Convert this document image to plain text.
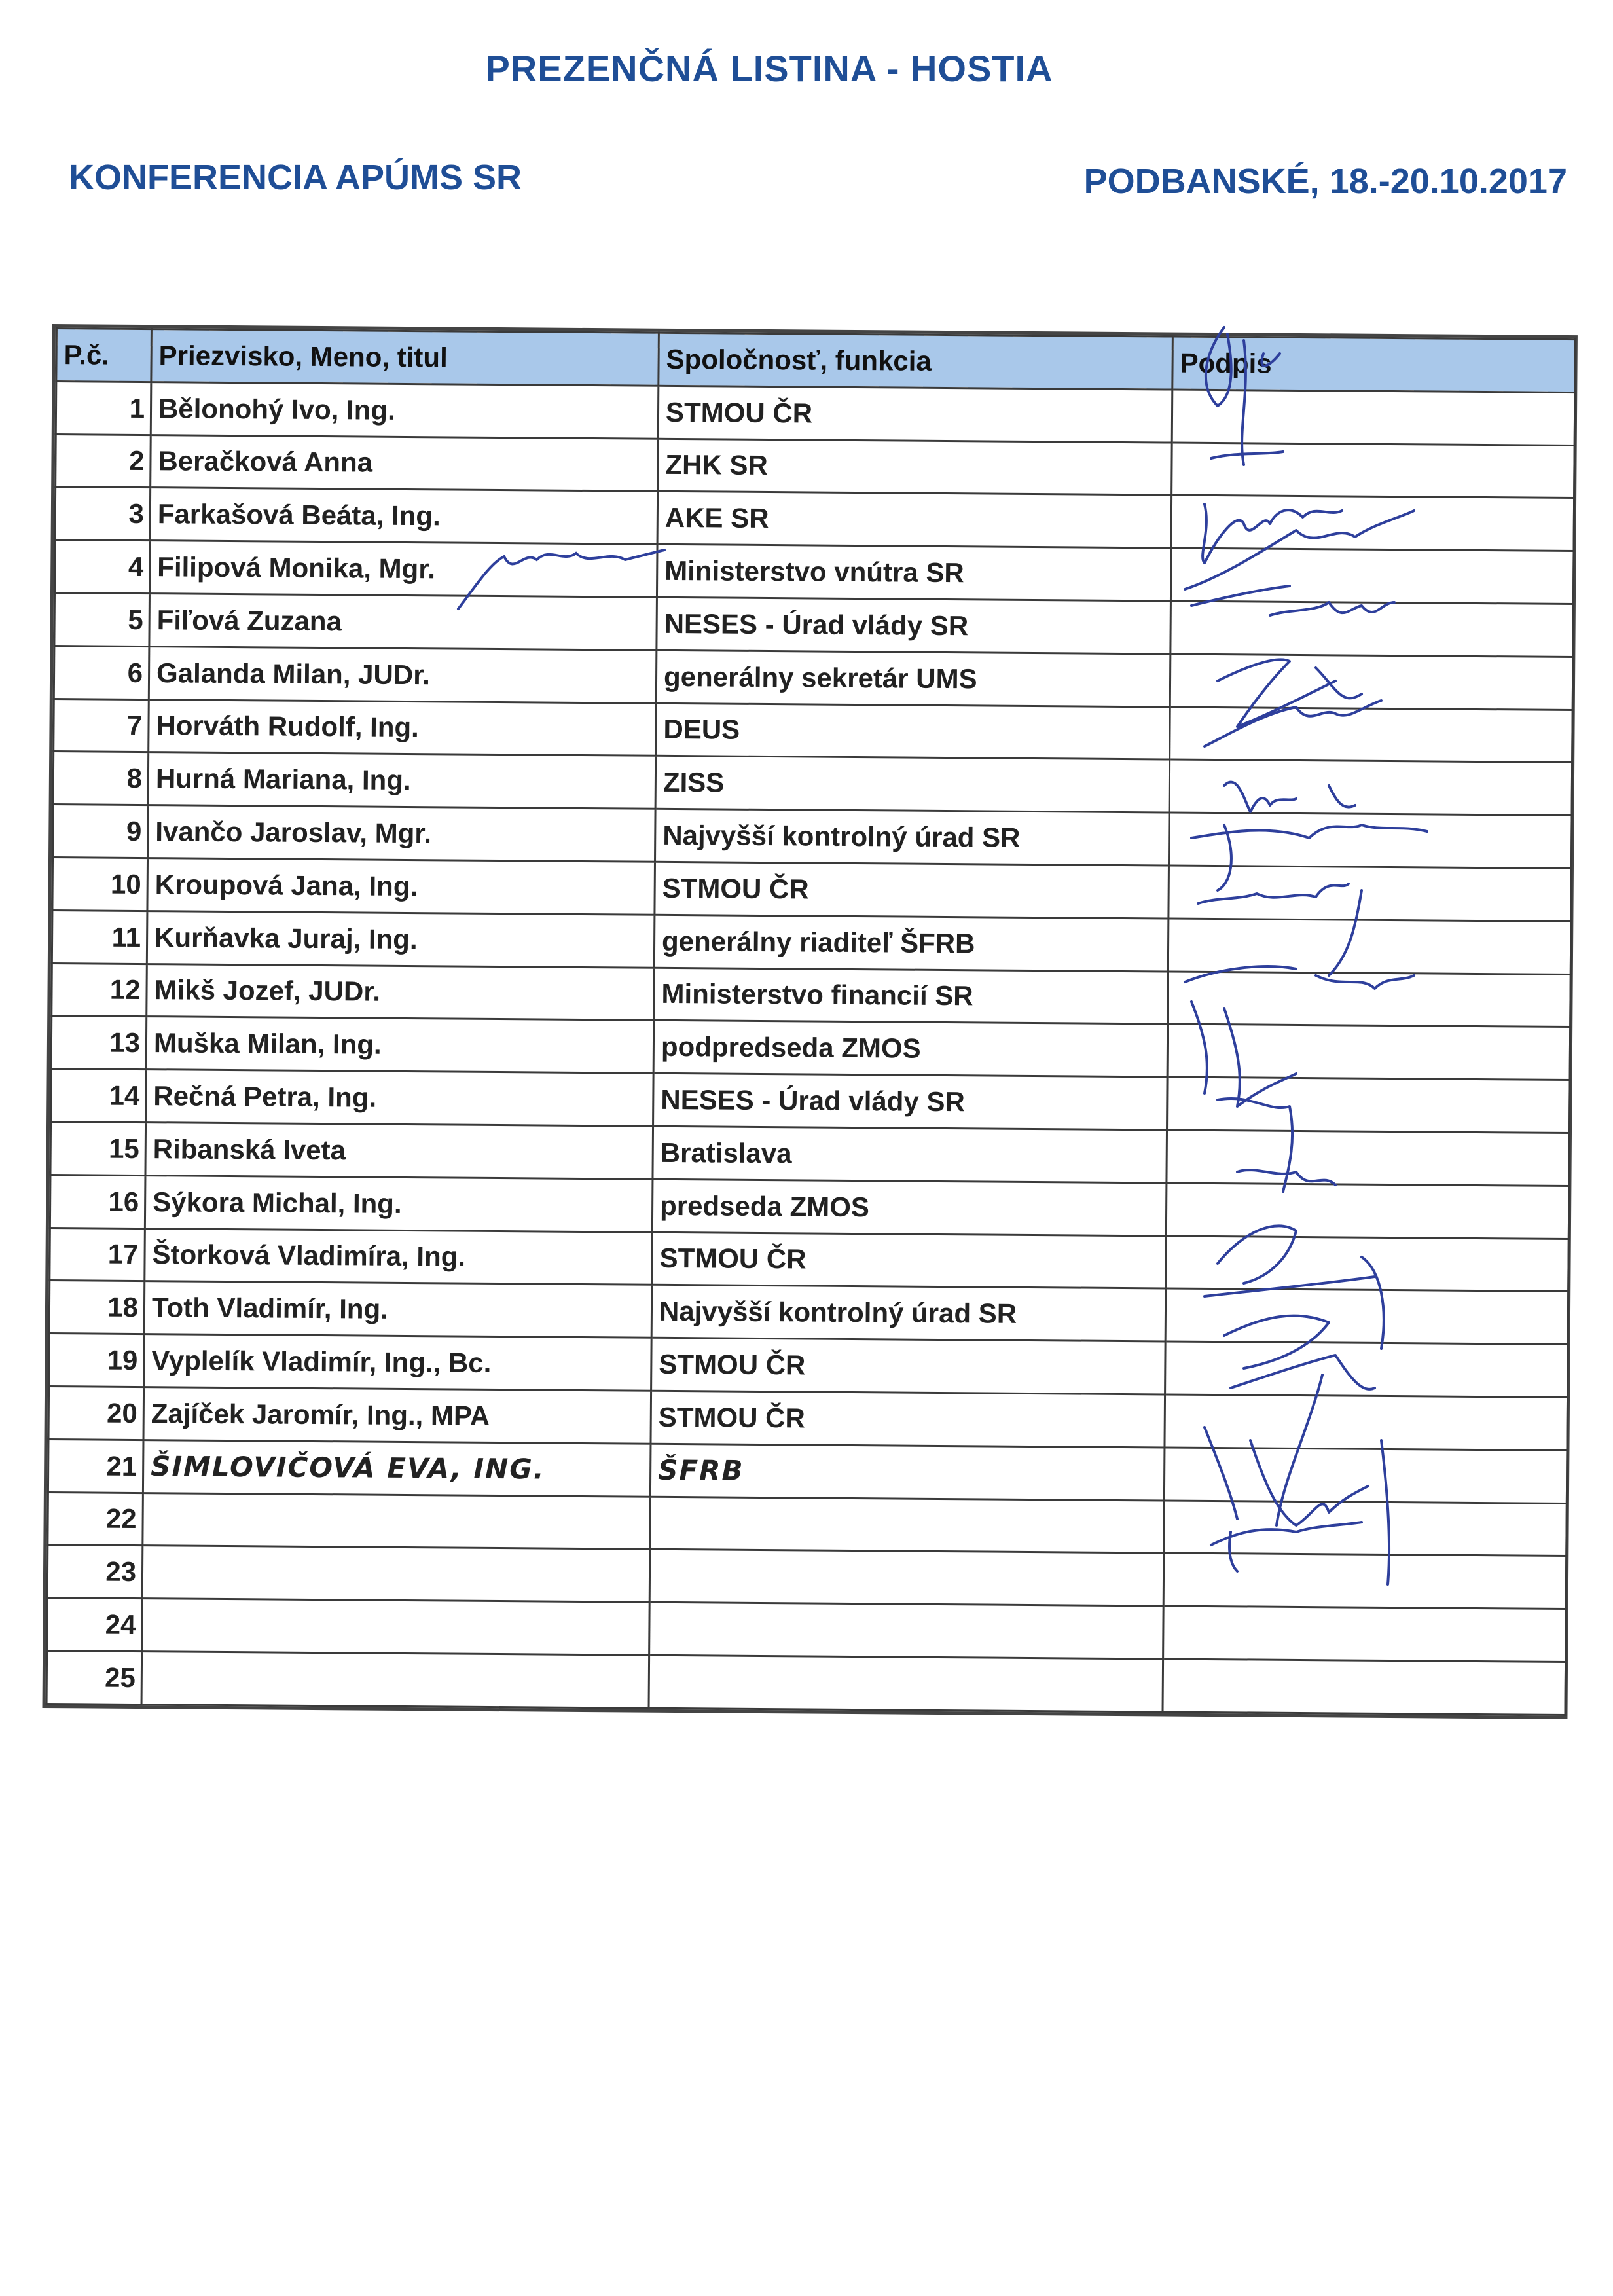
PREZENČNÁ LISTINA - HOSTIA
KONFERENCIA APÚMS SR	PODBANSKÉ, 18.-20.10.2017
P.č.	Priezvisko, Meno, titul	Spoločnosť, funkcia	Podpis
1	Bělonohý Ivo, Ing.	STMOU ČR	
2	Beračková Anna	ZHK SR	
3	Farkašová Beáta, Ing.	AKE SR	
4	Filipová Monika, Mgr.	Ministerstvo vnútra SR	
5	Fiľová Zuzana	NESES - Úrad vlády SR	
6	Galanda Milan, JUDr.	generálny sekretár UMS	
7	Horváth Rudolf, Ing.	DEUS	
8	Hurná Mariana, Ing.	ZISS	
9	Ivančo Jaroslav, Mgr.	Najvyšší kontrolný úrad SR	
10	Kroupová Jana, Ing.	STMOU ČR	
11	Kurňavka Juraj, Ing.	generálny riaditeľ ŠFRB	
12	Mikš Jozef, JUDr.	Ministerstvo financií SR	
13	Muška Milan, Ing.	podpredseda ZMOS	
14	Rečná Petra, Ing.	NESES - Úrad vlády SR	
15	Ribanská Iveta	Bratislava	
16	Sýkora Michal, Ing.	predseda ZMOS	
17	Štorková Vladimíra, Ing.	STMOU ČR	
18	Toth Vladimír, Ing.	Najvyšší kontrolný úrad SR	
19	Vyplelík Vladimír, Ing., Bc.	STMOU ČR	
20	Zajíček Jaromír, Ing., MPA	STMOU ČR	
21	ŠIMLOVIČOVÁ EVA, ING.	ŠFRB	
22			
23			
24			
25			
